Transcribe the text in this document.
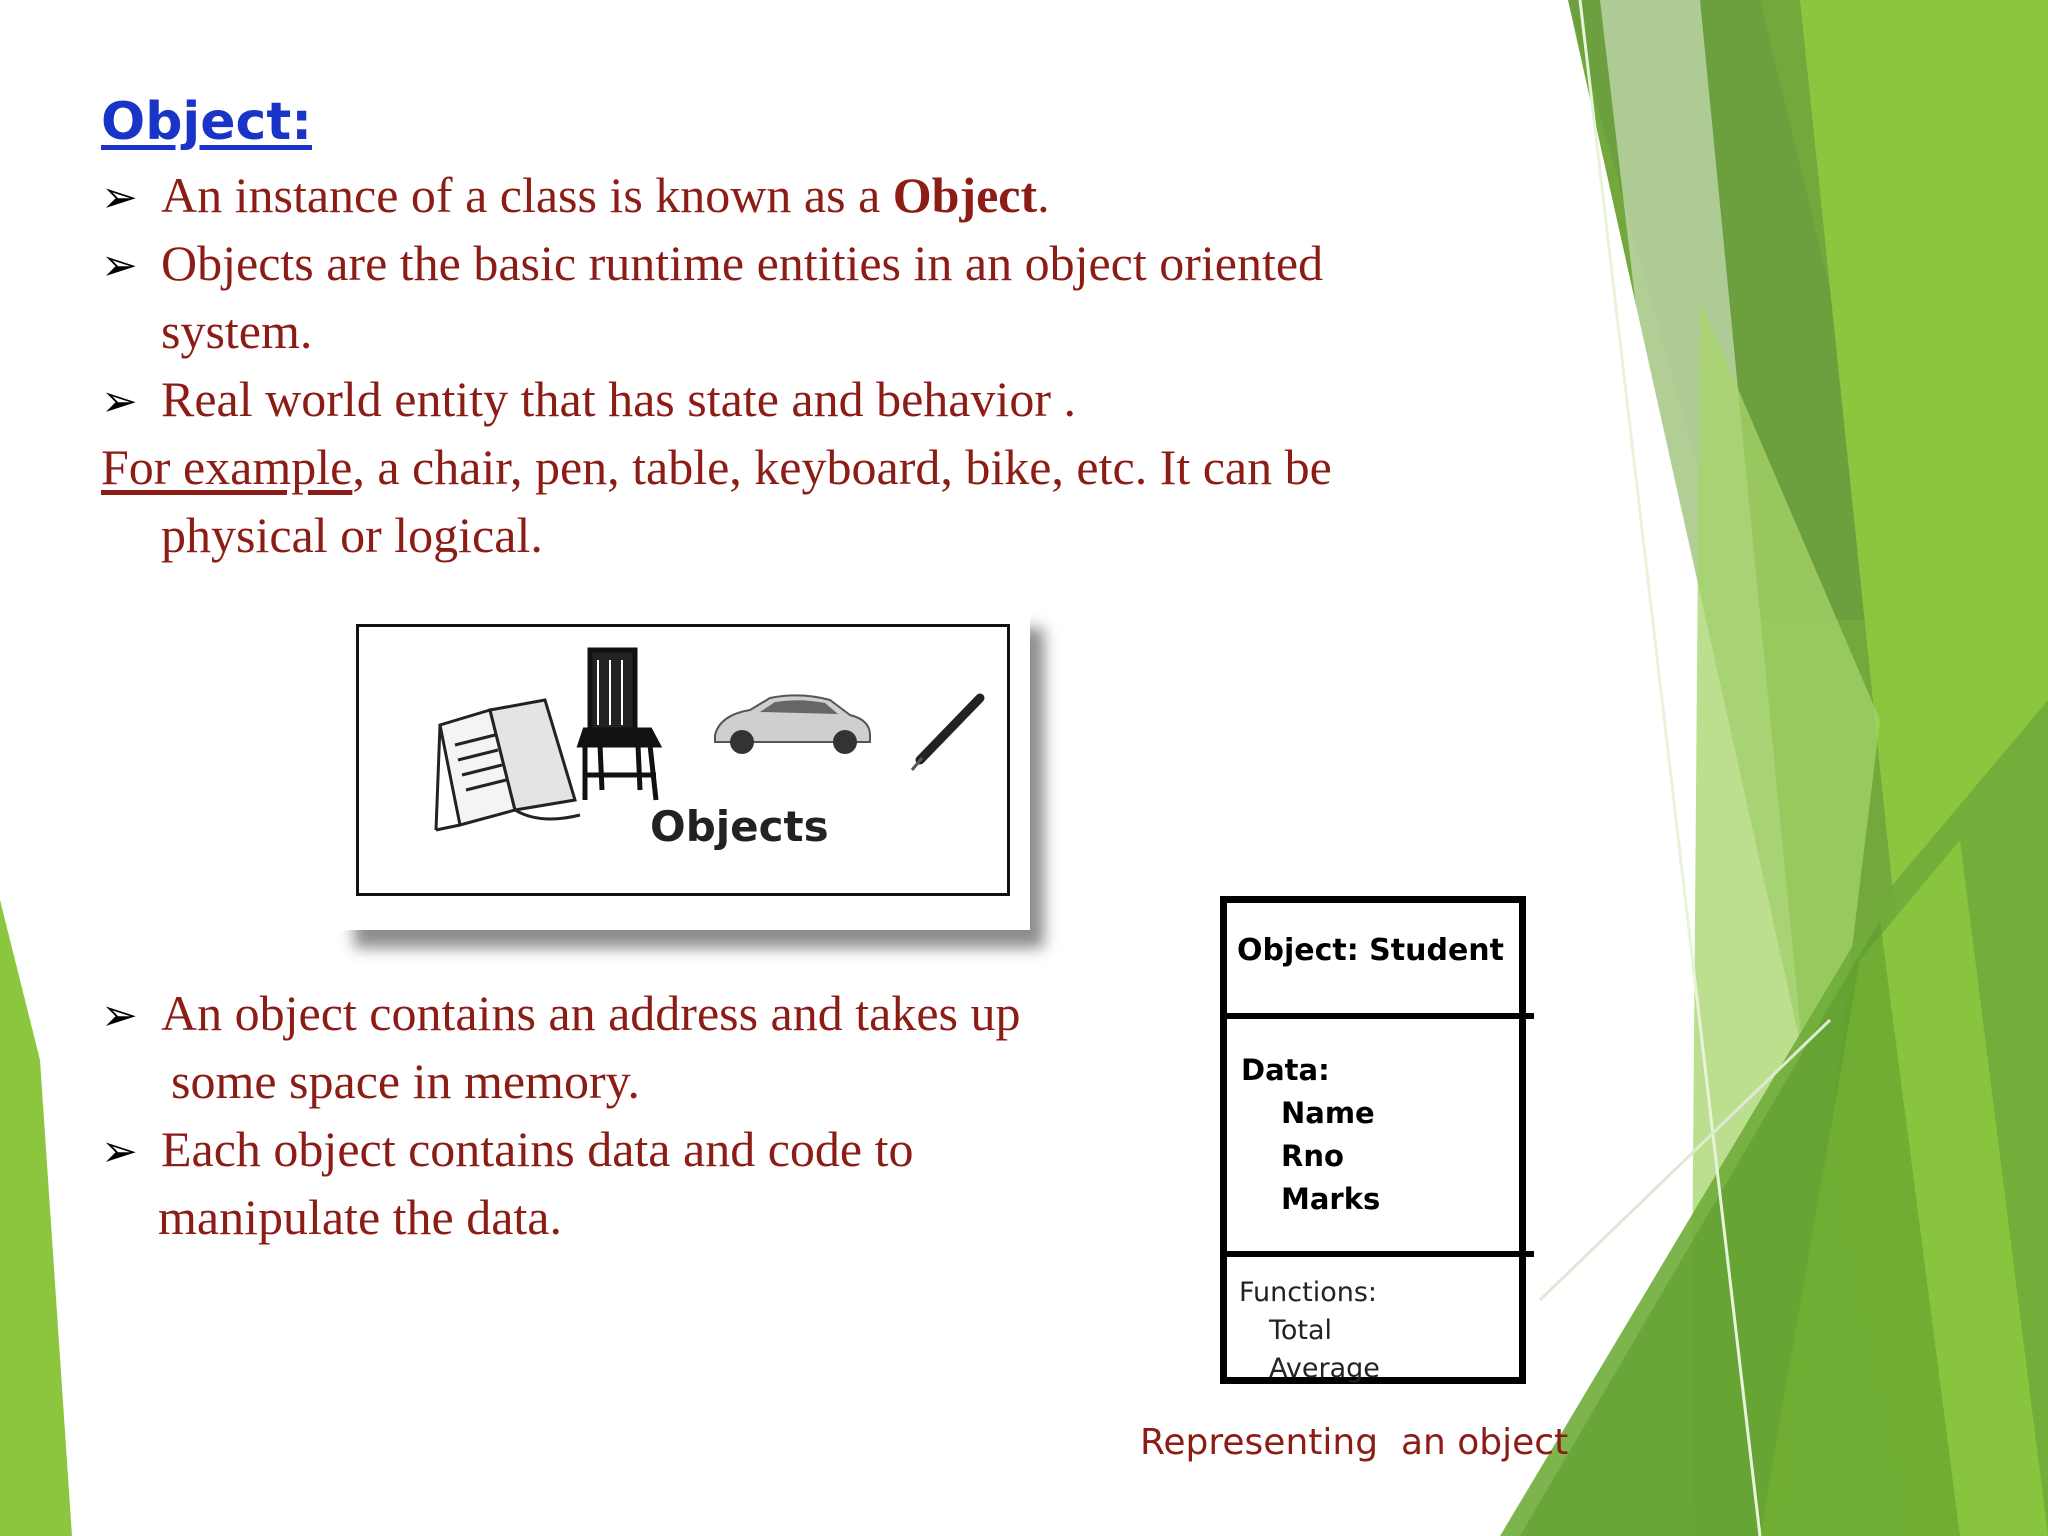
Object:
➢ An instance of a class is known as a Object.
➢ Objects are the basic runtime entities in an object oriented
system.
➢ Real world entity that has state and behavior .
For example, a chair, pen, table, keyboard, bike, etc. It can be
physical or logical.
Objects
➢ An object contains an address and takes up
some space in memory.
➢ Each object contains data and code to
manipulate the data.
Object: Student
Data:
Name
Rno
Marks
Functions:
Total
Average
Representing  an object
